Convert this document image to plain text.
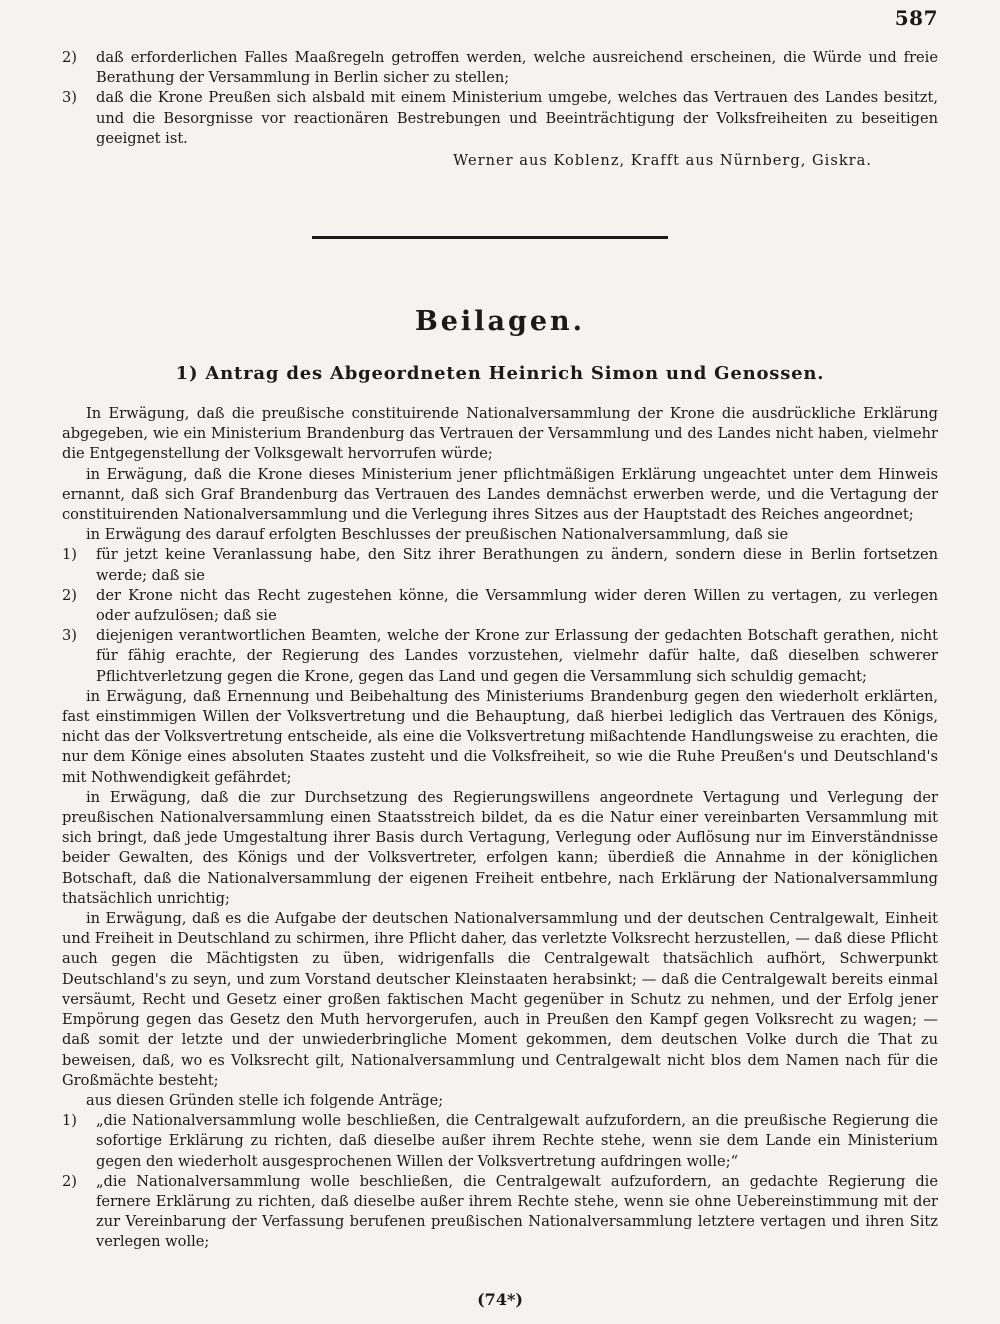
587

2) daß erforderlichen Falles Maaßregeln getroffen werden, welche ausreichend erscheinen, die Würde und freie Berathung der Versammlung in Berlin sicher zu stellen;

3) daß die Krone Preußen sich alsbald mit einem Ministerium umgebe, welches das Vertrauen des Landes besitzt, und die Besorgnisse vor reactionären Bestrebungen und Beeinträchtigung der Volksfreiheiten zu beseitigen geeignet ist.

Werner aus Koblenz, Krafft aus Nürnberg, Giskra.

Beilagen.
1) Antrag des Abgeordneten Heinrich Simon und Genossen.

In Erwägung, daß die preußische constituirende Nationalversammlung der Krone die ausdrückliche Erklärung abgegeben, wie ein Ministerium Brandenburg das Vertrauen der Versammlung und des Landes nicht haben, vielmehr die Entgegenstellung der Volksgewalt hervorrufen würde;

in Erwägung, daß die Krone dieses Ministerium jener pflichtmäßigen Erklärung ungeachtet unter dem Hinweis ernannt, daß sich Graf Brandenburg das Vertrauen des Landes demnächst erwerben werde, und die Vertagung der constituirenden Nationalversammlung und die Verlegung ihres Sitzes aus der Hauptstadt des Reiches angeordnet;

in Erwägung des darauf erfolgten Beschlusses der preußischen Nationalversammlung, daß sie

1) für jetzt keine Veranlassung habe, den Sitz ihrer Berathungen zu ändern, sondern diese in Berlin fortsetzen werde; daß sie

2) der Krone nicht das Recht zugestehen könne, die Versammlung wider deren Willen zu vertagen, zu verlegen oder aufzulösen; daß sie

3) diejenigen verantwortlichen Beamten, welche der Krone zur Erlassung der gedachten Botschaft gerathen, nicht für fähig erachte, der Regierung des Landes vorzustehen, vielmehr dafür halte, daß dieselben schwerer Pflichtverletzung gegen die Krone, gegen das Land und gegen die Versammlung sich schuldig gemacht;

in Erwägung, daß Ernennung und Beibehaltung des Ministeriums Brandenburg gegen den wiederholt erklärten, fast einstimmigen Willen der Volksvertretung und die Behauptung, daß hierbei lediglich das Vertrauen des Königs, nicht das der Volksvertretung entscheide, als eine die Volksvertretung mißachtende Handlungsweise zu erachten, die nur dem Könige eines absoluten Staates zusteht und die Volksfreiheit, so wie die Ruhe Preußen's und Deutschland's mit Nothwendigkeit gefährdet;

in Erwägung, daß die zur Durchsetzung des Regierungswillens angeordnete Vertagung und Verlegung der preußischen Nationalversammlung einen Staatsstreich bildet, da es die Natur einer vereinbarten Versammlung mit sich bringt, daß jede Umgestaltung ihrer Basis durch Vertagung, Verlegung oder Auflösung nur im Einverständnisse beider Gewalten, des Königs und der Volksvertreter, erfolgen kann; überdieß die Annahme in der königlichen Botschaft, daß die Nationalversammlung der eigenen Freiheit entbehre, nach Erklärung der Nationalversammlung thatsächlich unrichtig;

in Erwägung, daß es die Aufgabe der deutschen Nationalversammlung und der deutschen Centralgewalt, Einheit und Freiheit in Deutschland zu schirmen, ihre Pflicht daher, das verletzte Volksrecht herzustellen, — daß diese Pflicht auch gegen die Mächtigsten zu üben, widrigenfalls die Centralgewalt thatsächlich aufhört, Schwerpunkt Deutschland's zu seyn, und zum Vorstand deutscher Kleinstaaten herabsinkt; — daß die Centralgewalt bereits einmal versäumt, Recht und Gesetz einer großen faktischen Macht gegenüber in Schutz zu nehmen, und der Erfolg jener Empörung gegen das Gesetz den Muth hervorgerufen, auch in Preußen den Kampf gegen Volksrecht zu wagen; — daß somit der letzte und der unwiederbringliche Moment gekommen, dem deutschen Volke durch die That zu beweisen, daß, wo es Volksrecht gilt, Nationalversammlung und Centralgewalt nicht blos dem Namen nach für die Großmächte besteht;

aus diesen Gründen stelle ich folgende Anträge;

1) „die Nationalversammlung wolle beschließen, die Centralgewalt aufzufordern, an die preußische Regierung die sofortige Erklärung zu richten, daß dieselbe außer ihrem Rechte stehe, wenn sie dem Lande ein Ministerium gegen den wiederholt ausgesprochenen Willen der Volksvertretung aufdringen wolle;“

2) „die Nationalversammlung wolle beschließen, die Centralgewalt aufzufordern, an gedachte Regierung die fernere Erklärung zu richten, daß dieselbe außer ihrem Rechte stehe, wenn sie ohne Uebereinstimmung mit der zur Vereinbarung der Verfassung berufenen preußischen Nationalversammlung letztere vertagen und ihren Sitz verlegen wolle;

(74*)
